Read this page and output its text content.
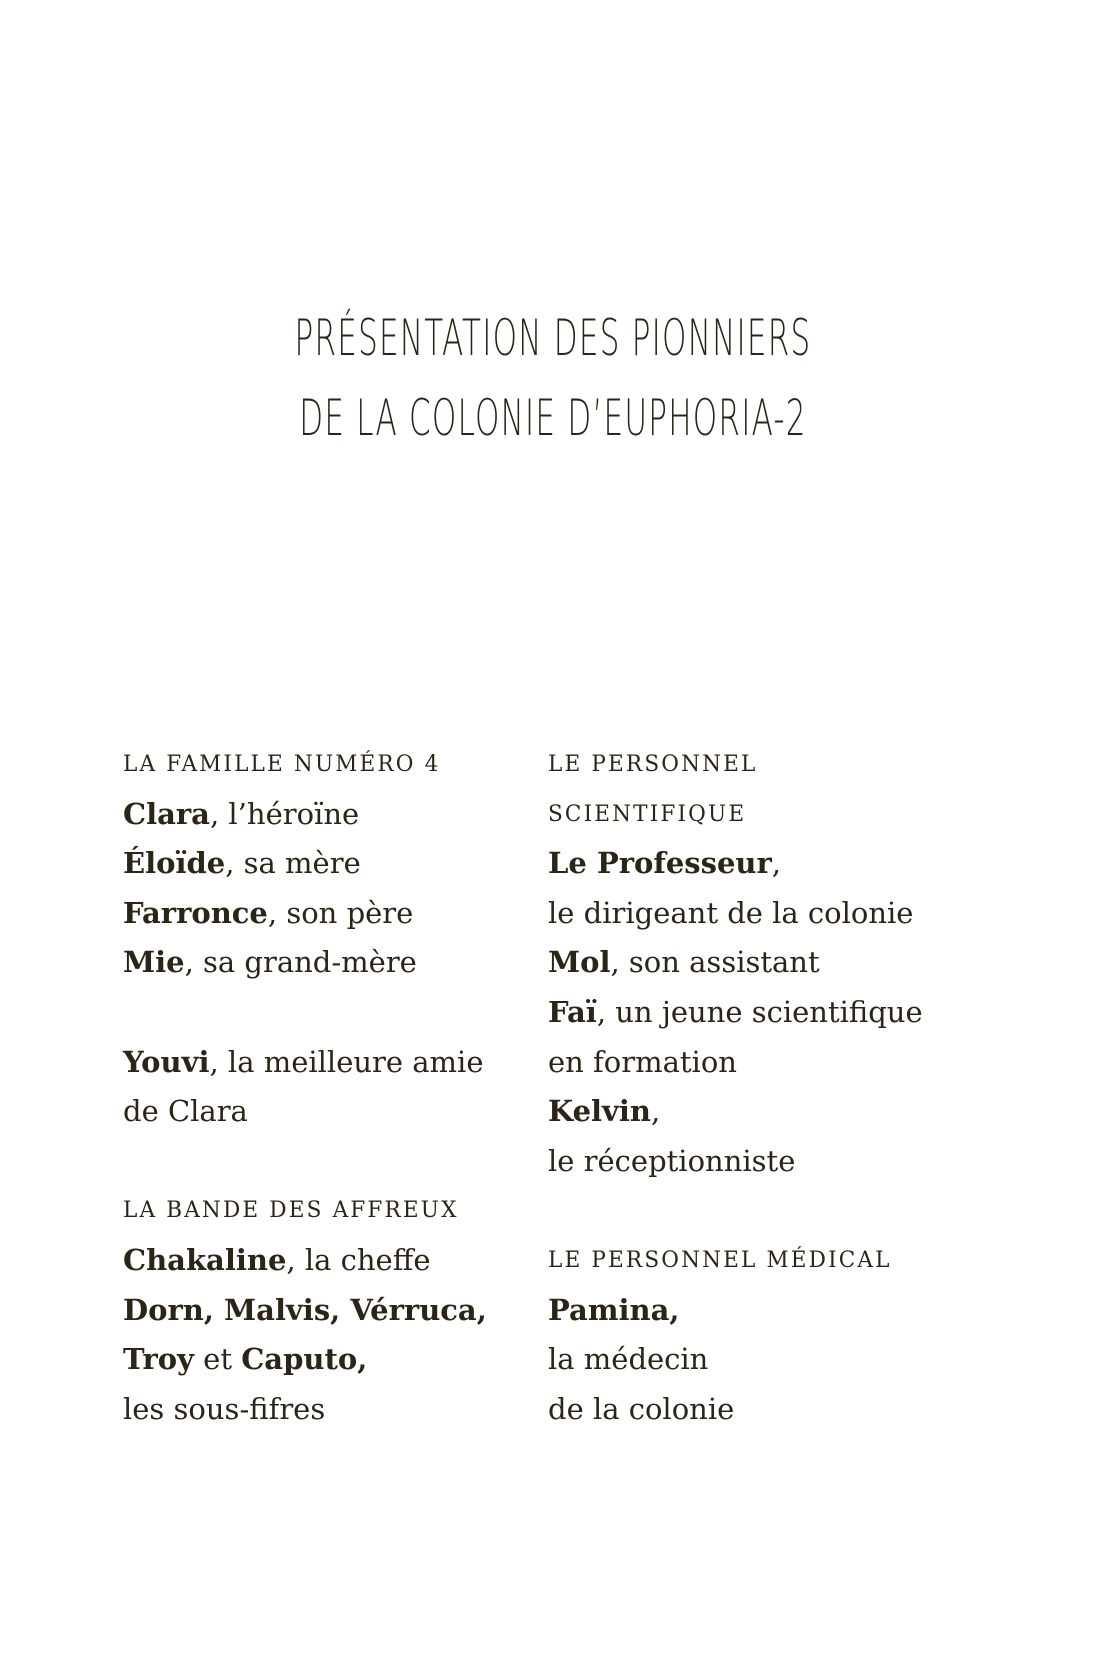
PRÉSENTATION DES PIONNIERS
DE LA COLONIE D’EUPHORIA-2
LA FAMILLE NUMÉRO 4
Clara, l’héroïne
Éloïde, sa mère
Farronce, son père
Mie, sa grand-mère
Youvi, la meilleure amie
de Clara
LA BANDE DES AFFREUX
Chakaline, la cheffe
Dorn, Malvis, Vérruca,
Troy et Caputo,
les sous-fifres
LE PERSONNEL
SCIENTIFIQUE
Le Professeur,
le dirigeant de la colonie
Mol, son assistant
Faï, un jeune scientifique
en formation
Kelvin,
le réceptionniste
LE PERSONNEL MÉDICAL
Pamina,
la médecin
de la colonie
